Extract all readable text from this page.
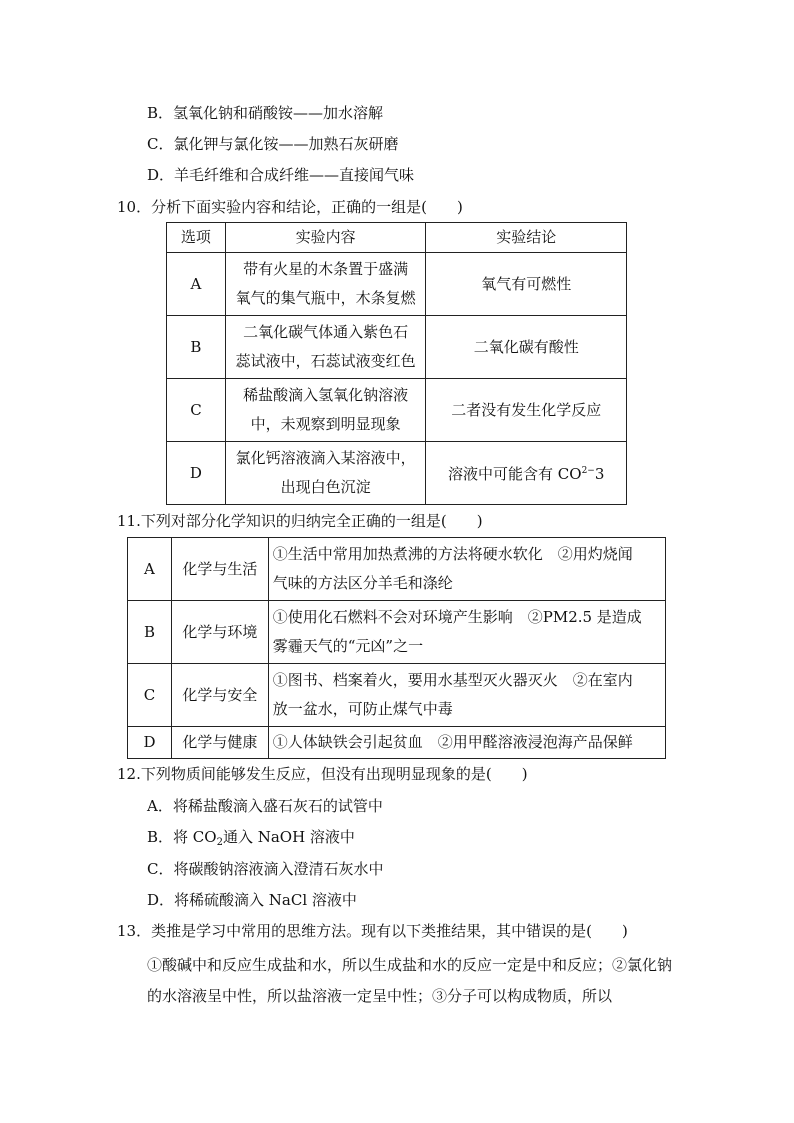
B．氢氧化钠和硝酸铵——加水溶解
C．氯化钾与氯化铵——加熟石灰研磨
D．羊毛纤维和合成纤维——直接闻气味
10．分析下面实验内容和结论，正确的一组是(　　)
选项	实验内容	实验结论
A	带有火星的木条置于盛满
氧气的集气瓶中，木条复燃	氧气有可燃性
B	二氧化碳气体通入紫色石
蕊试液中，石蕊试液变红色	二氧化碳有酸性
C	稀盐酸滴入氢氧化钠溶液
中，未观察到明显现象	二者没有发生化学反应
D	氯化钙溶液滴入某溶液中，
出现白色沉淀	溶液中可能含有 $CO^{2-}3$
11.下列对部分化学知识的归纳完全正确的一组是(　　)
A	化学与生活	①生活中常用加热煮沸的方法将硬水软化　②用灼烧闻
气味的方法区分羊毛和涤纶
B	化学与环境	①使用化石燃料不会对环境产生影响　②PM2.5 是造成
雾霾天气的“元凶”之一
C	化学与安全	①图书、档案着火，要用水基型灭火器灭火　②在室内
放一盆水，可防止煤气中毒
D	化学与健康	①人体缺铁会引起贫血　②用甲醛溶液浸泡海产品保鲜
12.下列物质间能够发生反应，但没有出现明显现象的是(　　)
A．将稀盐酸滴入盛石灰石的试管中
B．将 $CO_2$通入 NaOH 溶液中
C．将碳酸钠溶液滴入澄清石灰水中
D．将稀硫酸滴入 NaCl 溶液中
13．类推是学习中常用的思维方法。现有以下类推结果，其中错误的是(　　)
①酸碱中和反应生成盐和水，所以生成盐和水的反应一定是中和反应；②氯化钠的水溶液呈中性，所以盐溶液一定呈中性；③分子可以构成物质，所以
